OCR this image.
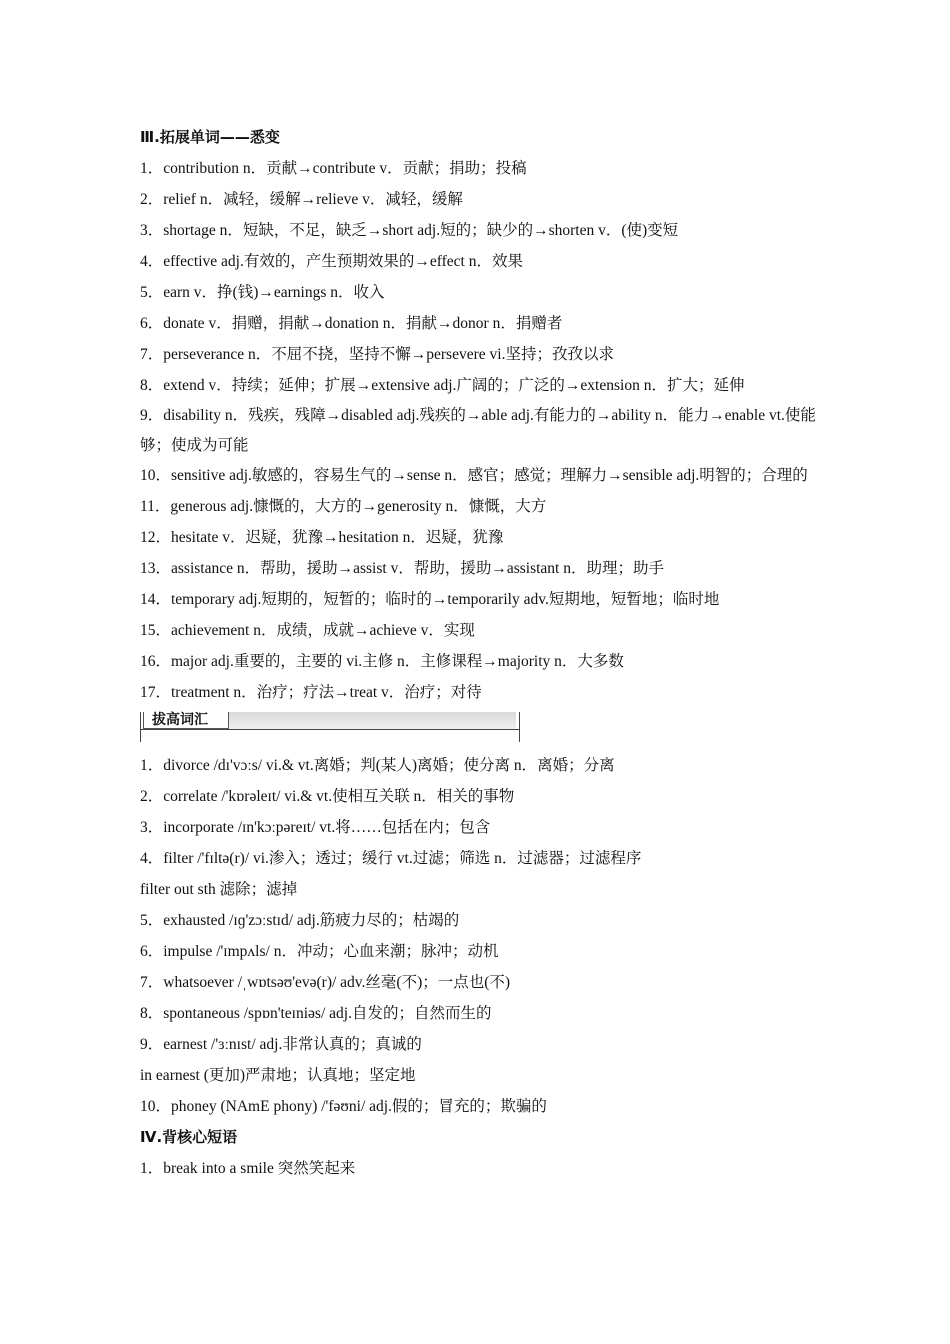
Ⅲ.拓展单词——悉变
1．contribution n．贡献→contribute v．贡献；捐助；投稿
2．relief n．减轻，缓解→relieve v．减轻，缓解
3．shortage n．短缺，不足，缺乏→short adj.短的；缺少的→shorten v．(使)变短
4．effective adj.有效的，产生预期效果的→effect n．效果
5．earn v．挣(钱)→earnings n．收入
6．donate v．捐赠，捐献→donation n．捐献→donor n．捐赠者
7．perseverance n．不屈不挠，坚持不懈→persevere vi.坚持；孜孜以求
8．extend v．持续；延伸；扩展→extensive adj.广阔的；广泛的→extension n．扩大；延伸
9．disability n．残疾，残障→disabled adj.残疾的→able adj.有能力的→ability n．能力→enable vt.使能够；使成为可能
10．sensitive adj.敏感的，容易生气的→sense n．感官；感觉；理解力→sensible adj.明智的；合理的
11．generous adj.慷慨的，大方的→generosity n．慷慨，大方
12．hesitate v．迟疑，犹豫→hesitation n．迟疑，犹豫
13．assistance n．帮助，援助→assist v．帮助，援助→assistant n．助理；助手
14．temporary adj.短期的，短暂的；临时的→temporarily adv.短期地，短暂地；临时地
15．achievement n．成绩，成就→achieve v．实现
16．major adj.重要的，主要的 vi.主修 n．主修课程→majority n．大多数
17．treatment n．治疗；疗法→treat v．治疗；对待
拔高词汇
1．divorce /dɪ'vɔːs/ vi.& vt.离婚；判(某人)离婚；使分离 n．离婚；分离
2．correlate /'kɒrəleɪt/ vi.& vt.使相互关联 n．相关的事物
3．incorporate /ɪn'kɔːpəreɪt/ vt.将……包括在内；包含
4．filter /'fɪltə(r)/ vi.渗入；透过；缓行 vt.过滤；筛选 n．过滤器；过滤程序
filter out sth 滤除；滤掉
5．exhausted /ɪɡ'zɔːstɪd/ adj.筋疲力尽的；枯竭的
6．impulse /'ɪmpʌls/ n．冲动；心血来潮；脉冲；动机
7．whatsoever /ˌwɒtsəʊ'evə(r)/ adv.丝毫(不)；一点也(不)
8．spontaneous /spɒn'teɪniəs/ adj.自发的；自然而生的
9．earnest /'ɜːnɪst/ adj.非常认真的；真诚的
in earnest (更加)严肃地；认真地；坚定地
10．phoney (NAmE phony) /'fəʊni/ adj.假的；冒充的；欺骗的
Ⅳ.背核心短语
1．break into a smile 突然笑起来
